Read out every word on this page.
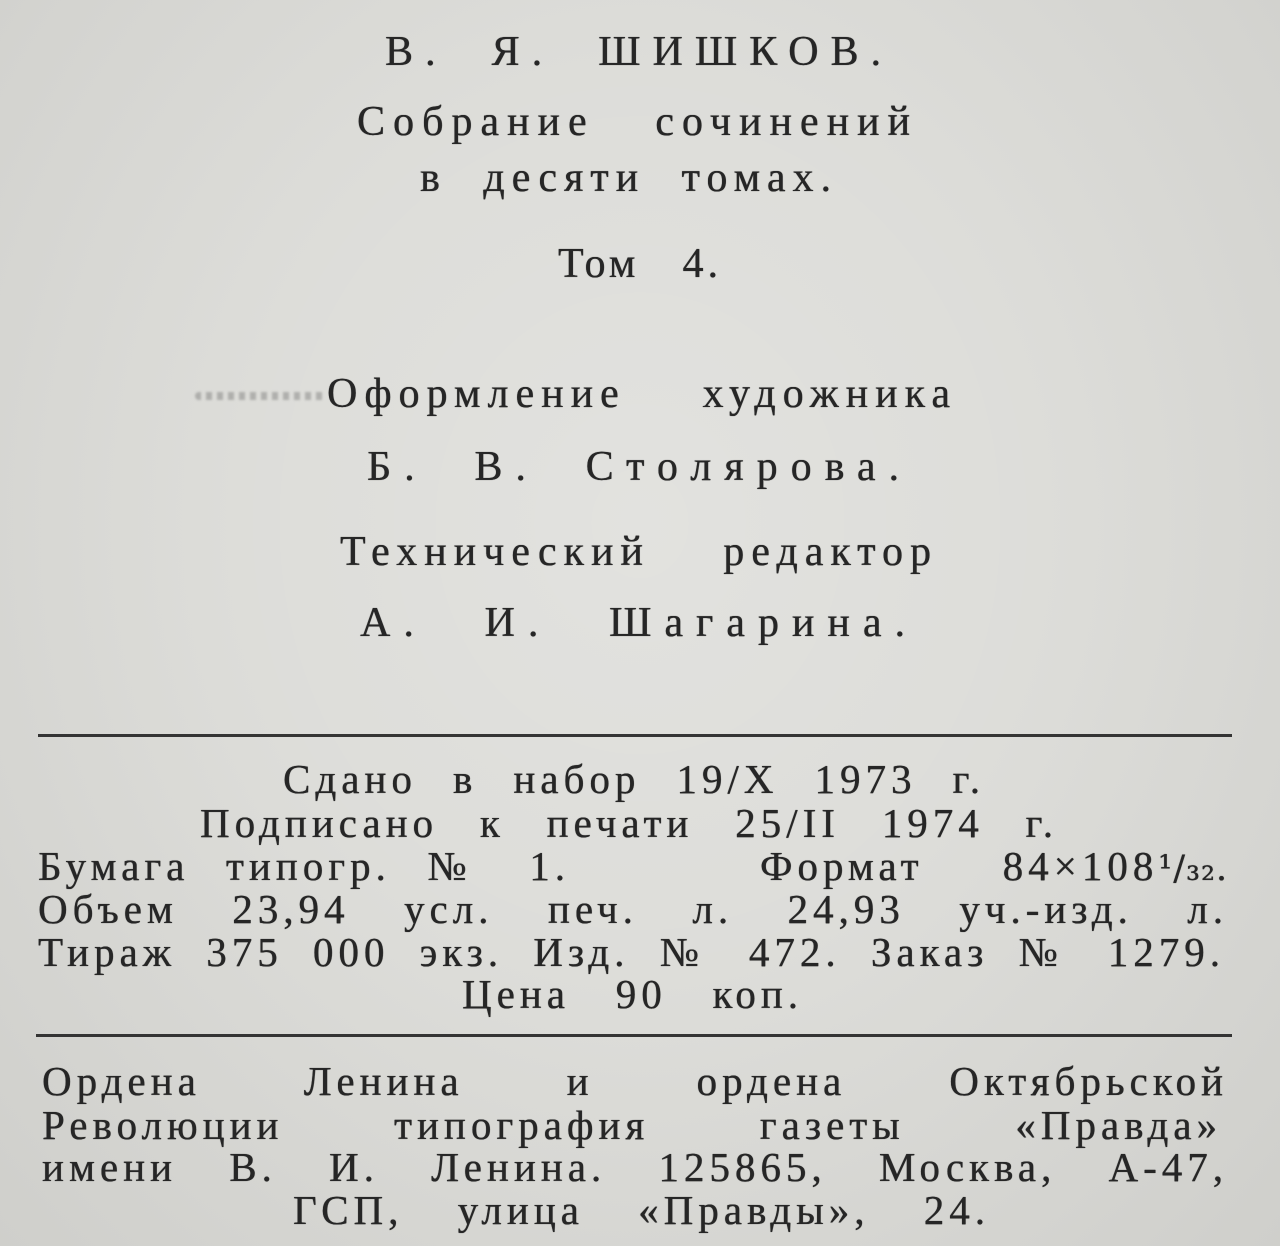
В. Я. ШИШКОВ.
Собрание сочинений
в десяти томах.
Том 4.
Оформление художника
Б. В. Столярова.
Технический редактор
А. И. Шагарина.
Сдано в набор 19/X 1973 г.
Подписано к печати 25/II 1974 г.
Бумага типогр. № 1.	Формат 84×108¹/₃₂.
Объем 23,94 усл. печ. л. 24,93 уч.-изд. л.
Тираж 375 000 экз. Изд. № 472. Заказ № 1279.
Цена 90 коп.
Ордена Ленина и ордена Октябрьской
Революции типография газеты «Правда»
имени В. И. Ленина. 125865, Москва, А-47,
ГСП, улица «Правды», 24.
